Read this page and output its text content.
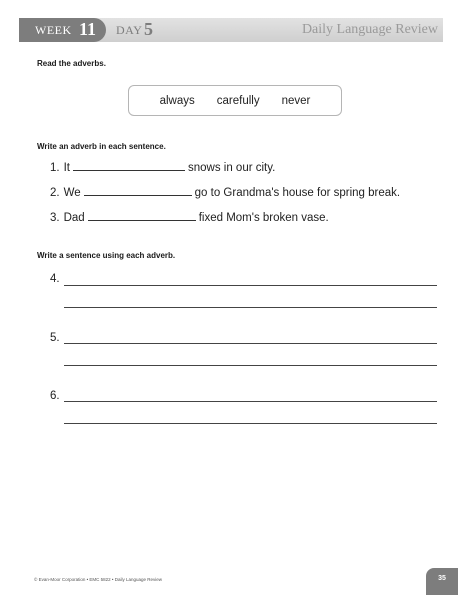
WEEK 11 DAY 5	Daily Language Review
Read the adverbs.
always carefully never
Write an adverb in each sentence.
1. It	snows in our city.
2. We	go to Grandma's house for spring break.
3. Dad	fixed Mom's broken vase.
Write a sentence using each adverb.
4.
5.
6.
© Evan-Moor Corporation • EMC 5822 • Daily Language Review	35
